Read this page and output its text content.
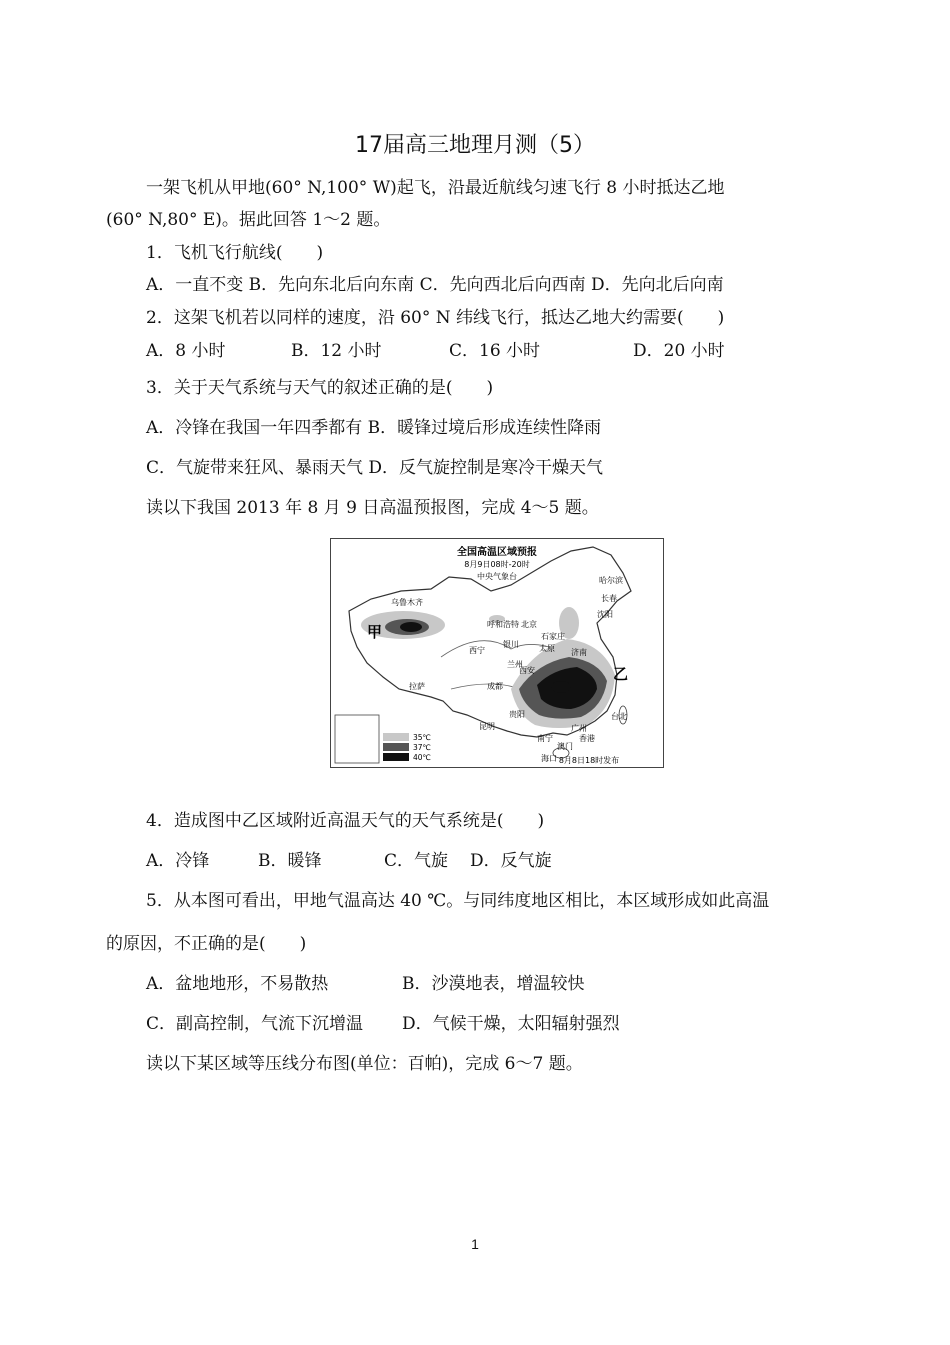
17届高三地理月测（5）
一架飞机从甲地(60° N,100° W)起飞，沿最近航线匀速飞行 8 小时抵达乙地
(60° N,80° E)。据此回答 1～2 题。
1．飞机飞行航线(　　)
A．一直不变 B．先向东北后向东南 C．先向西北后向西南 D．先向北后向南
2．这架飞机若以同样的速度，沿 60° N 纬线飞行，抵达乙地大约需要(　　)
A．8 小时	B．12 小时	C．16 小时	D．20 小时
3．关于天气系统与天气的叙述正确的是(　　)
A．冷锋在我国一年四季都有 B．暖锋过境后形成连续性降雨
C．气旋带来狂风、暴雨天气 D．反气旋控制是寒冷干燥天气
读以下我国 2013 年 8 月 9 日高温预报图，完成 4～5 题。
全国高温区域预报
8月9日08时-20时
中央气象台
甲
乙
哈尔滨
长春
沈阳
乌鲁木齐
呼和浩特 北京
银川
石家庄
太原 济南
西宁
兰州
西安
拉萨	成都
贵阳
昆明	广州
台北
南宁	香港
澳门
海口
35℃
37℃
40℃	8月8日18时发布
4．造成图中乙区域附近高温天气的天气系统是(　　)
A．冷锋	B．暖锋	C．气旋 D．反气旋
5．从本图可看出，甲地气温高达 40 ℃。与同纬度地区相比，本区域形成如此高温
的原因，不正确的是(　　)
A．盆地地形，不易散热	B．沙漠地表，增温较快
C．副高控制，气流下沉增温 D．气候干燥，太阳辐射强烈
读以下某区域等压线分布图(单位：百帕)，完成 6～7 题。
1
